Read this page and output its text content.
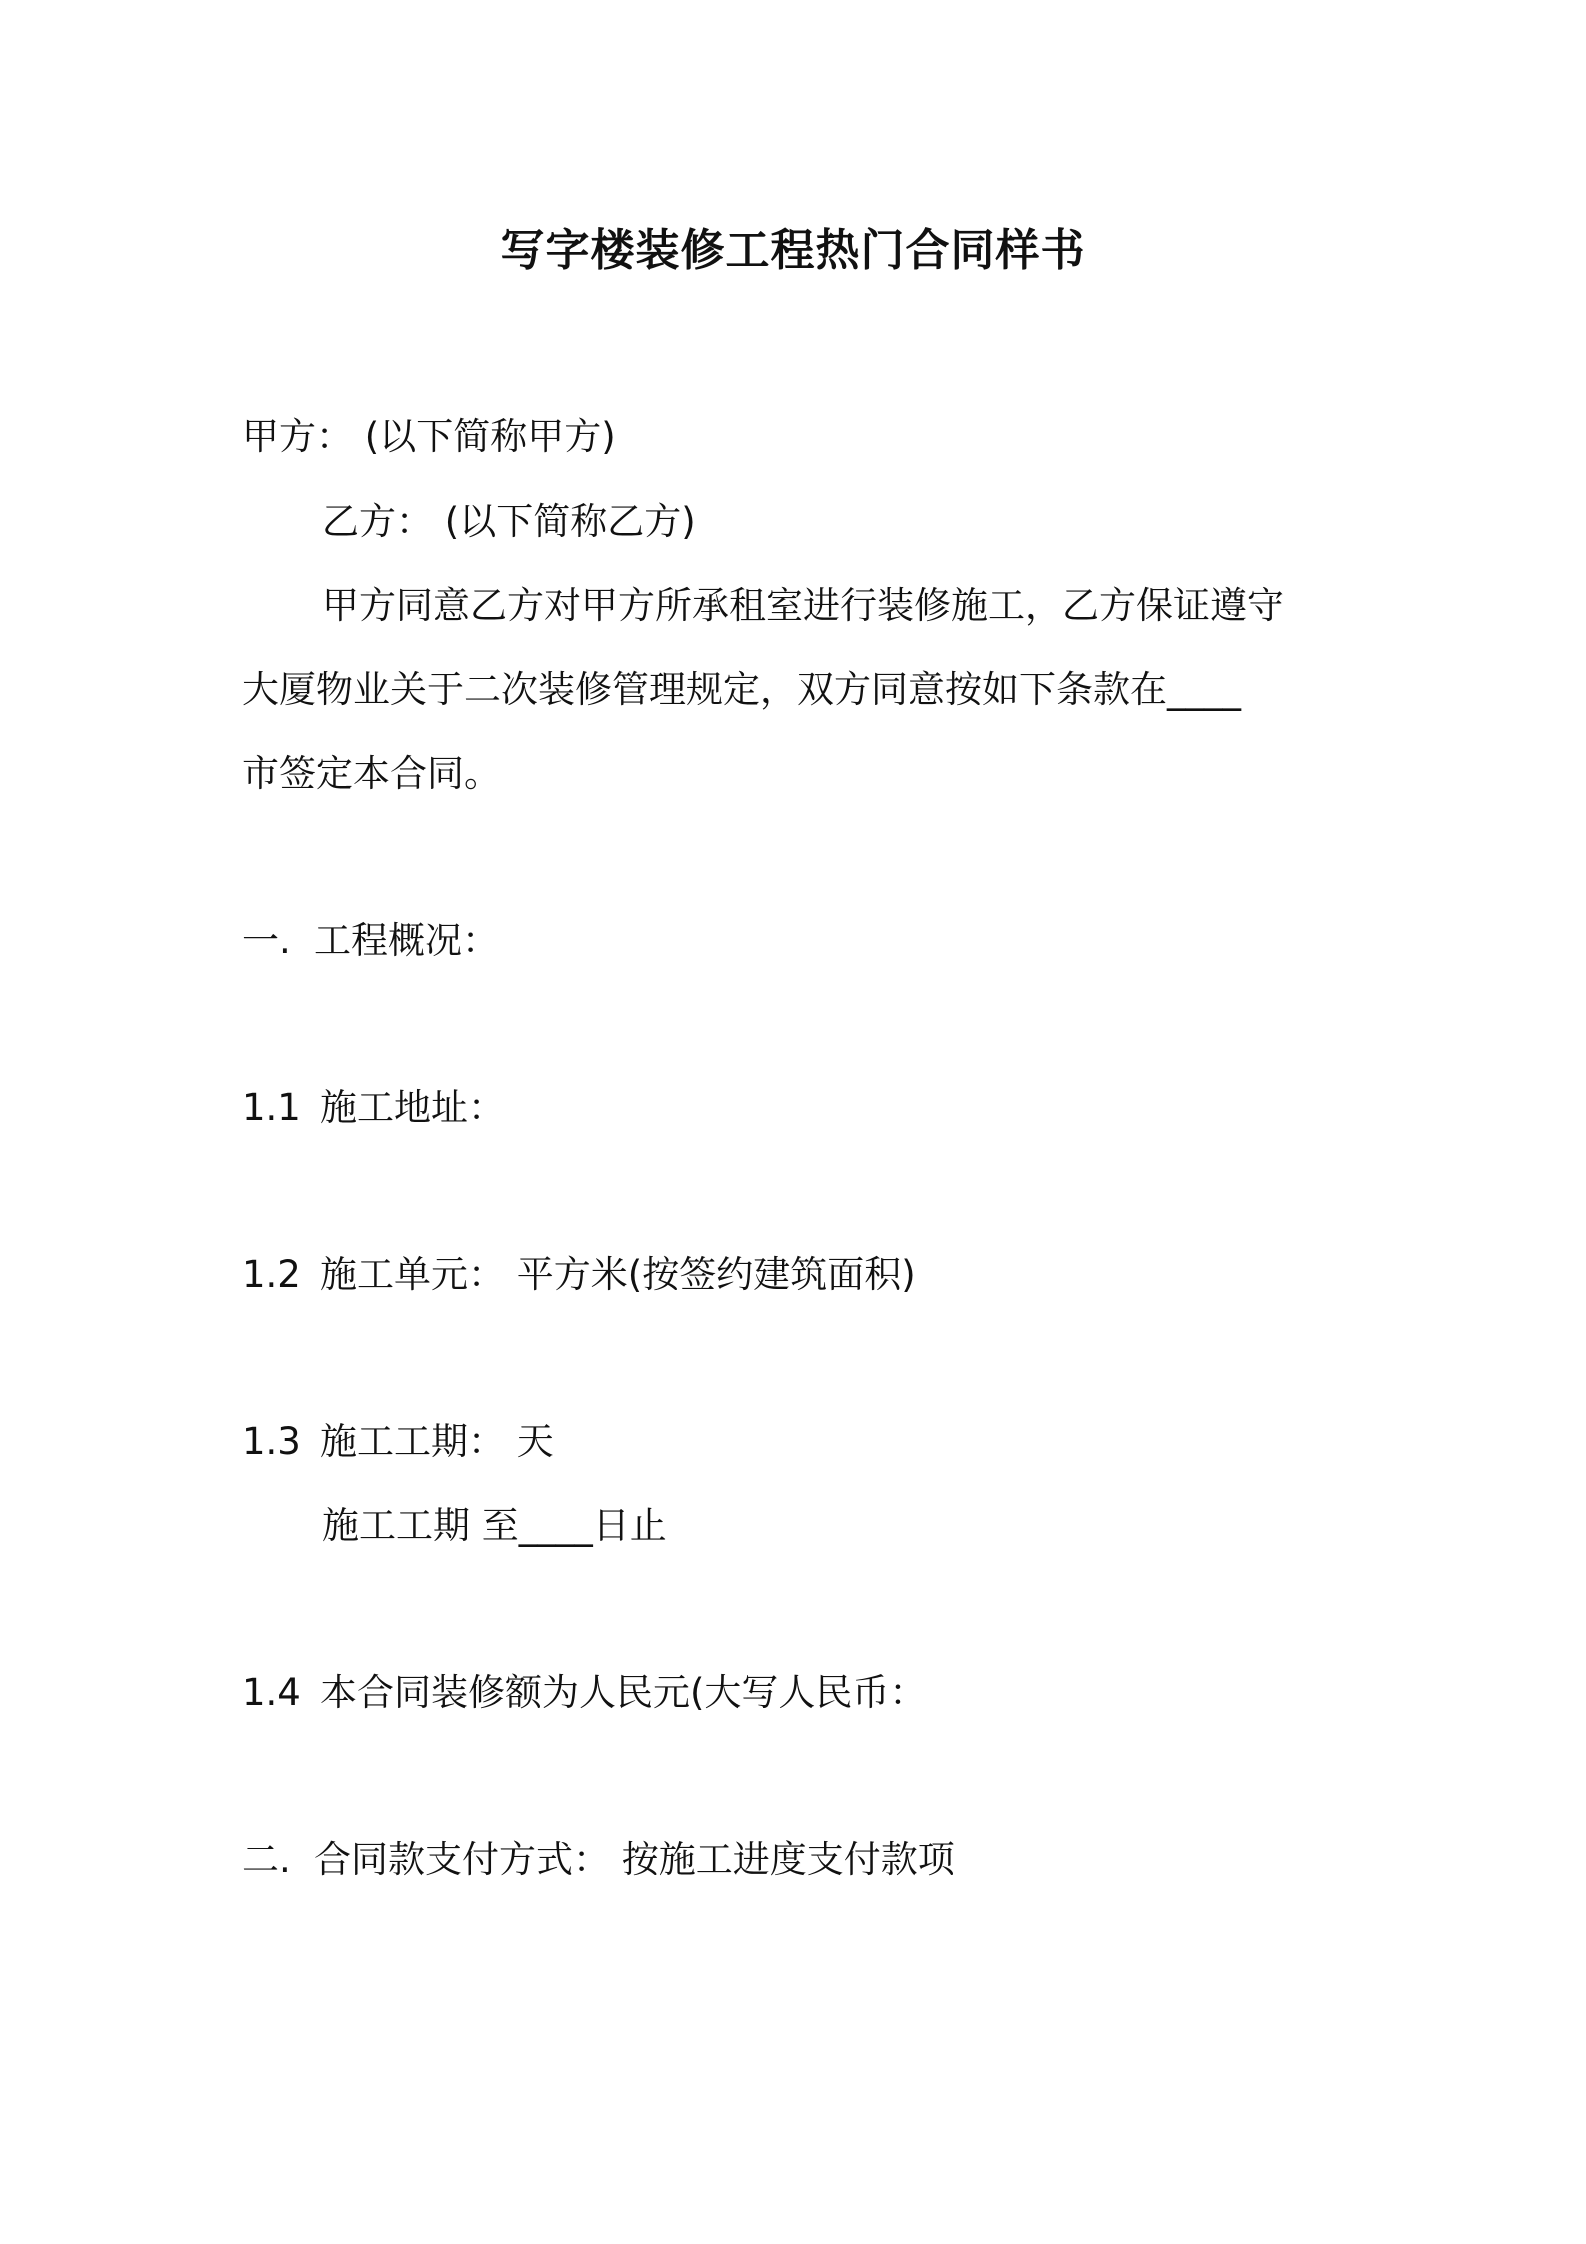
写字楼装修工程热门合同样书
甲方： (以下简称甲方)
乙方： (以下简称乙方)
甲方同意乙方对甲方所承租室进行装修施工，乙方保证遵守
大厦物业关于二次装修管理规定，双方同意按如下条款在____
市签定本合同。
一. 工程概况：
1.1 施工地址：
1.2 施工单元： 平方米(按签约建筑面积)
1.3 施工工期： 天
施工工期 至____日止
1.4 本合同装修额为人民元(大写人民币：
二. 合同款支付方式： 按施工进度支付款项
